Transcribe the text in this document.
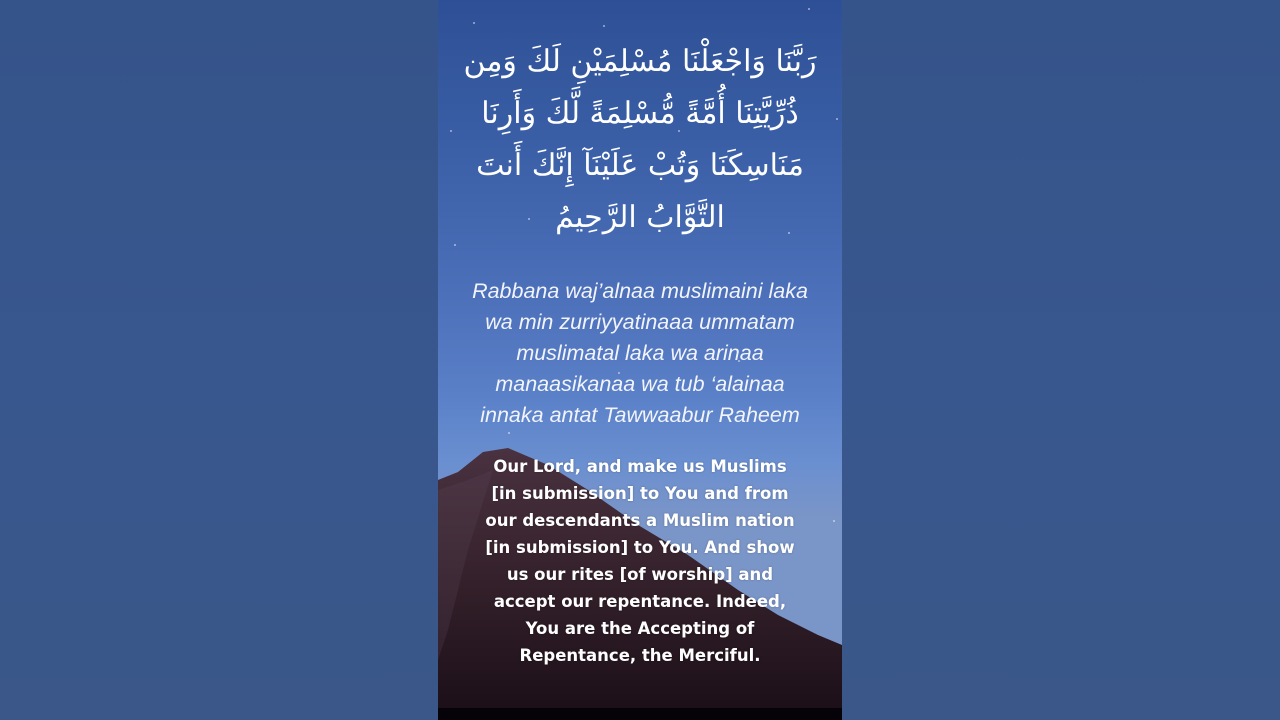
رَبَّنَا وَاجْعَلْنَا مُسْلِمَيْنِ لَكَ وَمِن
ذُرِّيَّتِنَا أُمَّةً مُّسْلِمَةً لَّكَ وَأَرِنَا
مَنَاسِكَنَا وَتُبْ عَلَيْنَآ إِنَّكَ أَنتَ
التَّوَّابُ الرَّحِيمُ
Rabbana waj’alnaa muslimaini laka
wa min zurriyyatinaaa ummatam
muslimatal laka wa arinaa
manaasikanaa wa tub ‘alainaa
innaka antat Tawwaabur Raheem
Our Lord, and make us Muslims
[in submission] to You and from
our descendants a Muslim nation
[in submission] to You. And show
us our rites [of worship] and
accept our repentance. Indeed,
You are the Accepting of
Repentance, the Merciful.
